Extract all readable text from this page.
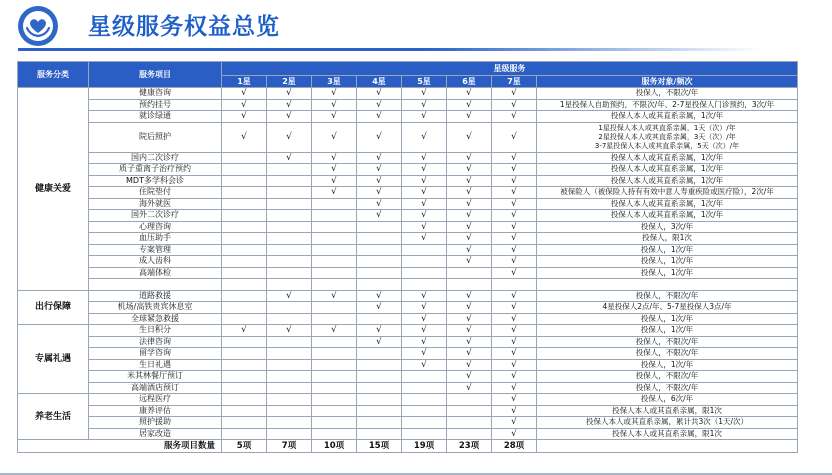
星级服务权益总览
服务分类	服务项目	星级服务							
		1星	2星	3星	4星	5星	6星	7星	服务对象/频次
健康关爱	健康咨询	√	√	√	√	√	√	√	投保人，不限次/年
	预约挂号	√	√	√	√	√	√	√	1星投保人自助预约，不限次/年、2-7星投保人门诊预约，3次/年
	就诊绿通	√	√	√	√	√	√	√	投保人本人或其直系亲属，1次/年
	院后照护	√	√	√	√	√	√	√	1星投保人本人或其直系亲属，1天（次）/年
2星投保人本人或其直系亲属，3天（次）/年
3-7星投保人本人或其直系亲属，5天（次）/年

	国内二次诊疗		√	√	√	√	√	√	投保人本人或其直系亲属，1次/年
	质子重离子治疗预约			√	√	√	√	√	投保人本人或其直系亲属，1次/年
	MDT多学科会诊			√	√	√	√	√	投保人本人或其直系亲属，1次/年
	住院垫付			√	√	√	√	√	被保险人（被保险人持有有效中意人寿重疾险或医疗险），2次/年
	海外就医				√	√	√	√	投保人本人或其直系亲属，1次/年
	国外二次诊疗				√	√	√	√	投保人本人或其直系亲属，1次/年
	心理咨询					√	√	√	投保人，3次/年
	血压助手					√	√	√	投保人，限1次
	专案管理						√	√	投保人，1次/年
	成人齿科						√	√	投保人，1次/年
	高端体检							√	投保人，1次/年

出行保障	道路救援		√	√	√	√	√	√	投保人，不限次/年
	机场/高铁贵宾休息室				√	√	√	√	4星投保人2点/年、5-7星投保人3点/年
	全球紧急救援					√	√	√	投保人，1次/年
专属礼遇	生日积分	√	√	√	√	√	√	√	投保人，1次/年
	法律咨询				√	√	√	√	投保人，不限次/年
	留学咨询					√	√	√	投保人，不限次/年
	生日礼遇					√	√	√	投保人，1次/年
	米其林餐厅预订						√	√	投保人，不限次/年
	高端酒店预订						√	√	投保人，不限次/年
养老生活	远程医疗							√	投保人，6次/年
	康养评估							√	投保人本人或其直系亲属，限1次
	照护援助							√	投保人本人或其直系亲属，累计共3次（1天/次）
	居家改造							√	投保人本人或其直系亲属，限1次
服务项目数量		5项	7项	10项	15项	19项	23项	28项	
